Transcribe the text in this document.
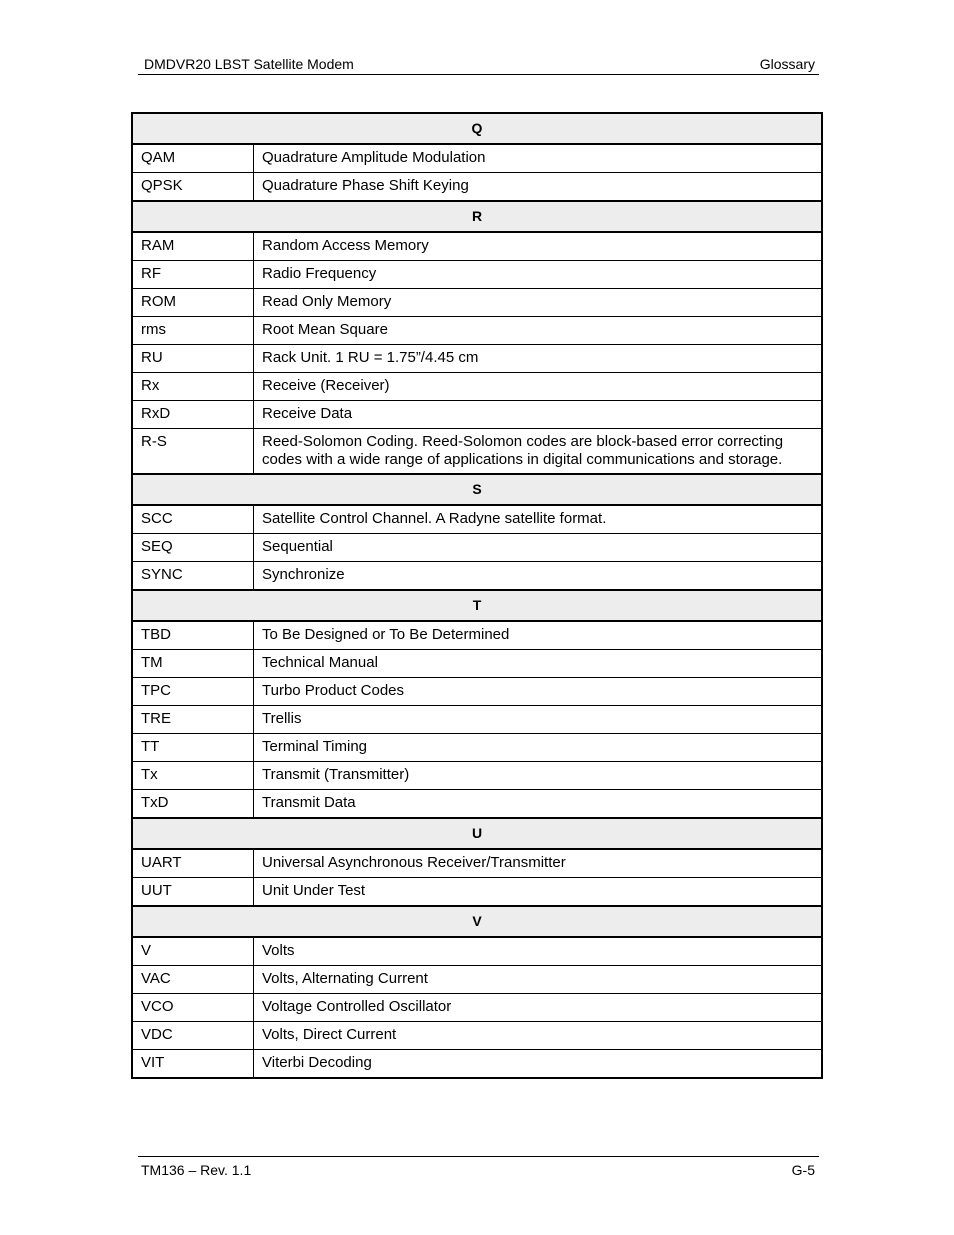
DMDVR20 LBST Satellite Modem	Glossary
Q	
QAM	Quadrature Amplitude Modulation
QPSK	Quadrature Phase Shift Keying
R	
RAM	Random Access Memory
RF	Radio Frequency
ROM	Read Only Memory
rms	Root Mean Square
RU	Rack Unit. 1 RU = 1.75”/4.45 cm
Rx	Receive (Receiver)
RxD	Receive Data
R-S	Reed-Solomon Coding. Reed-Solomon codes are block-based error correcting codes with a wide range of applications in digital communications and storage.
S	
SCC	Satellite Control Channel. A Radyne satellite format.
SEQ	Sequential
SYNC	Synchronize
T	
TBD	To Be Designed or To Be Determined
TM	Technical Manual
TPC	Turbo Product Codes
TRE	Trellis
TT	Terminal Timing
Tx	Transmit (Transmitter)
TxD	Transmit Data
U	
UART	Universal Asynchronous Receiver/Transmitter
UUT	Unit Under Test
V	
V	Volts
VAC	Volts, Alternating Current
VCO	Voltage Controlled Oscillator
VDC	Volts, Direct Current
VIT	Viterbi Decoding
TM136 – Rev. 1.1	G-5
